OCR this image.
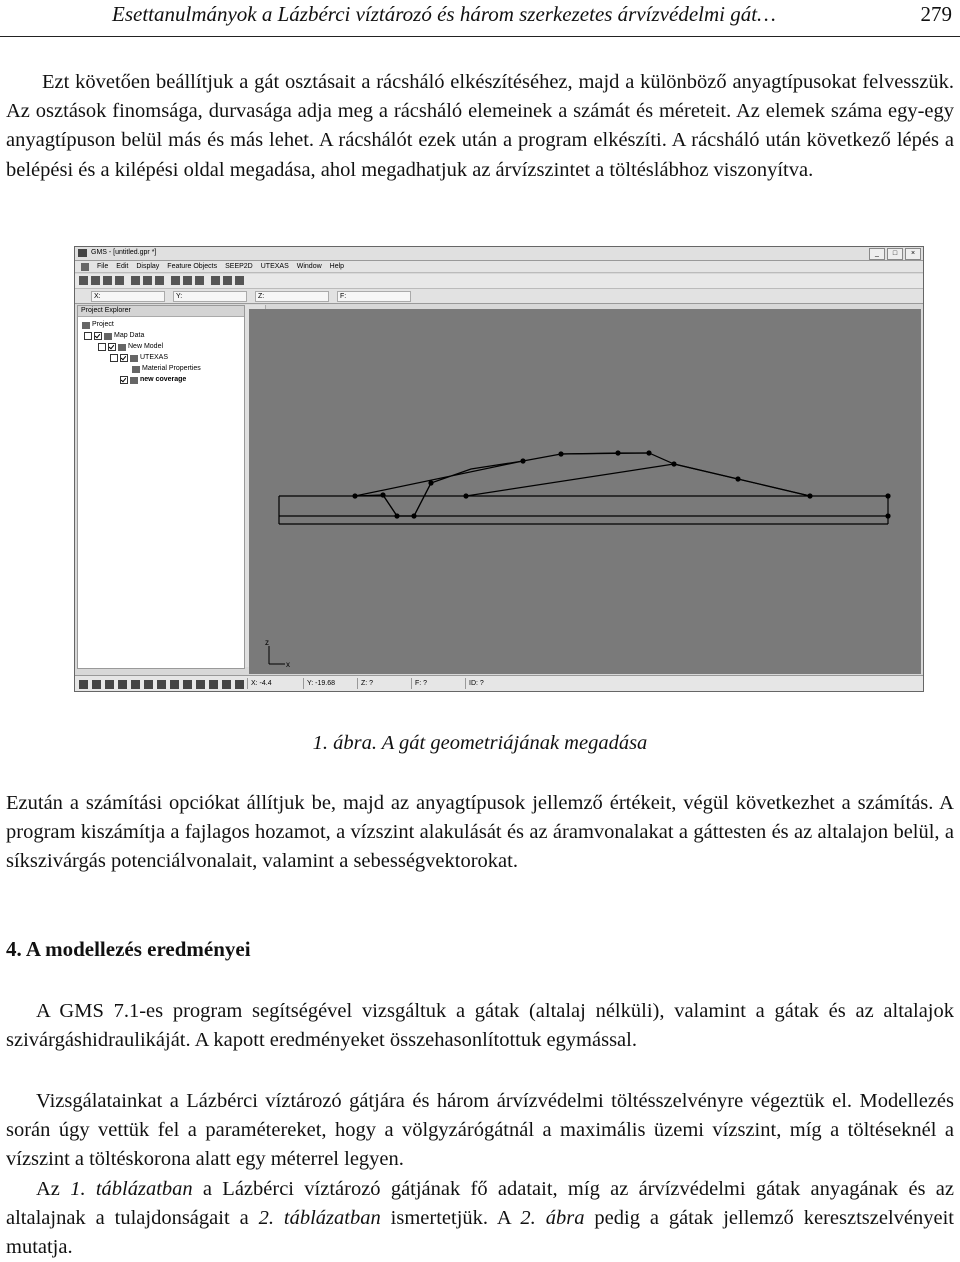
Esettanulmányok a Lázbérci víztározó és három szerkezetes árvízvédelmi gát…	279

Ezt követően beállítjuk a gát osztásait a rácsháló elkészítéséhez, majd a különböző anyagtípusokat felvesszük. Az osztások finomsága, durvasága adja meg a rácsháló elemeinek a számát és méreteit. Az elemek száma egy-egy anyagtípuson belül más és más lehet. A rácshálót ezek után a program elkészíti. A rácsháló után következő lépés a belépési és a kilépési oldal megadása, ahol megadhatjuk az árvízszintet a töltéslábhoz viszonyítva.

GMS - [untitled.gpr *]	_	□	×
File Edit Display Feature Objects SEEP2D UTEXAS Window Help
X:	Y:	Z:	F:
Project Explorer
Project
Map Data
New Model
UTEXAS
Material Properties
new coverage
z
x
X: -4.4	Y: -19.68	Z: ?	F: ?	ID: ?
1. ábra. A gát geometriájának megadása

Ezután a számítási opciókat állítjuk be, majd az anyagtípusok jellemző értékeit, végül következhet a számítás. A program kiszámítja a fajlagos hozamot, a vízszint alakulását és az áramvonalakat a gáttesten és az altalajon belül, a síkszivárgás potenciálvonalait, valamint a sebességvektorokat.

4. A modellezés eredményei

A GMS 7.1-es program segítségével vizsgáltuk a gátak (altalaj nélküli), valamint a gátak és az altalajok szivárgáshidraulikáját. A kapott eredményeket összehasonlítottuk egymással.

Vizsgálatainkat a Lázbérci víztározó gátjára és három árvízvédelmi töltésszelvényre végeztük el. Modellezés során úgy vettük fel a paramétereket, hogy a völgyzárógátnál a maximális üzemi vízszint, míg a töltéseknél a vízszint a töltéskorona alatt egy méterrel legyen.
Az 1. táblázatban a Lázbérci víztározó gátjának fő adatait, míg az árvízvédelmi gátak anyagának és az altalajnak a tulajdonságait a 2. táblázatban ismertetjük. A 2. ábra pedig a gátak jellemző keresztszelvényeit mutatja.
